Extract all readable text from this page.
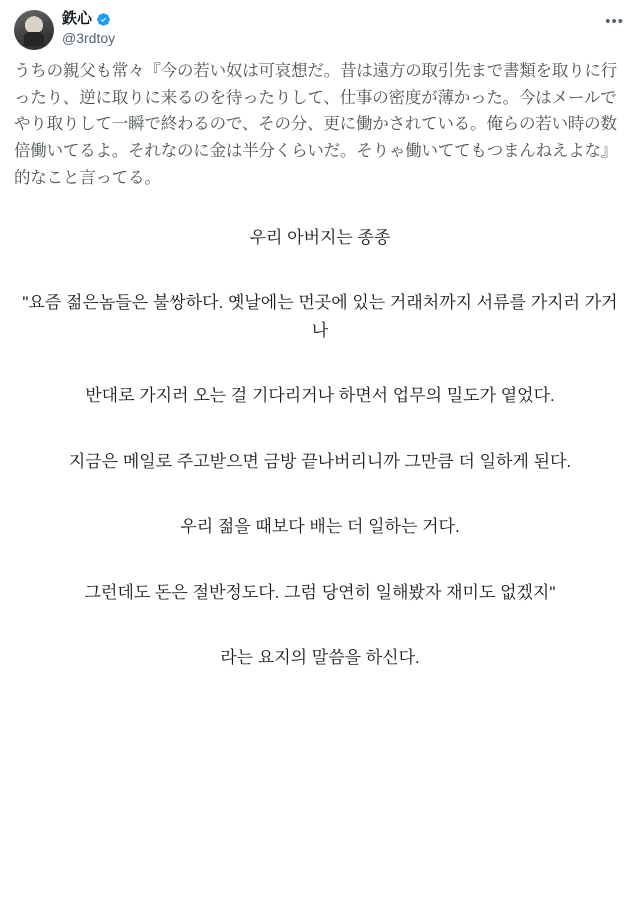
鉄心
@3rdtoy
•••
うちの親父も常々『今の若い奴は可哀想だ。昔は遠方の取引先まで書類を取りに行ったり、逆に取りに来るのを待ったりして、仕事の密度が薄かった。今はメールでやり取りして一瞬で終わるので、その分、更に働かされている。俺らの若い時の数倍働いてるよ。それなのに金は半分くらいだ。そりゃ働いててもつまんねえよな』的なこと言ってる。

우리 아버지는 종종

"요즘 젊은놈들은 불쌍하다. 옛날에는 먼곳에 있는 거래처까지 서류를 가지러 가거나

반대로 가지러 오는 걸 기다리거나 하면서 업무의 밀도가 옅었다.

지금은 메일로 주고받으면 금방 끝나버리니까 그만큼 더 일하게 된다.

우리 젊을 때보다 배는 더 일하는 거다.

그런데도 돈은 절반정도다. 그럼 당연히 일해봤자 재미도 없겠지"

라는 요지의 말씀을 하신다.
